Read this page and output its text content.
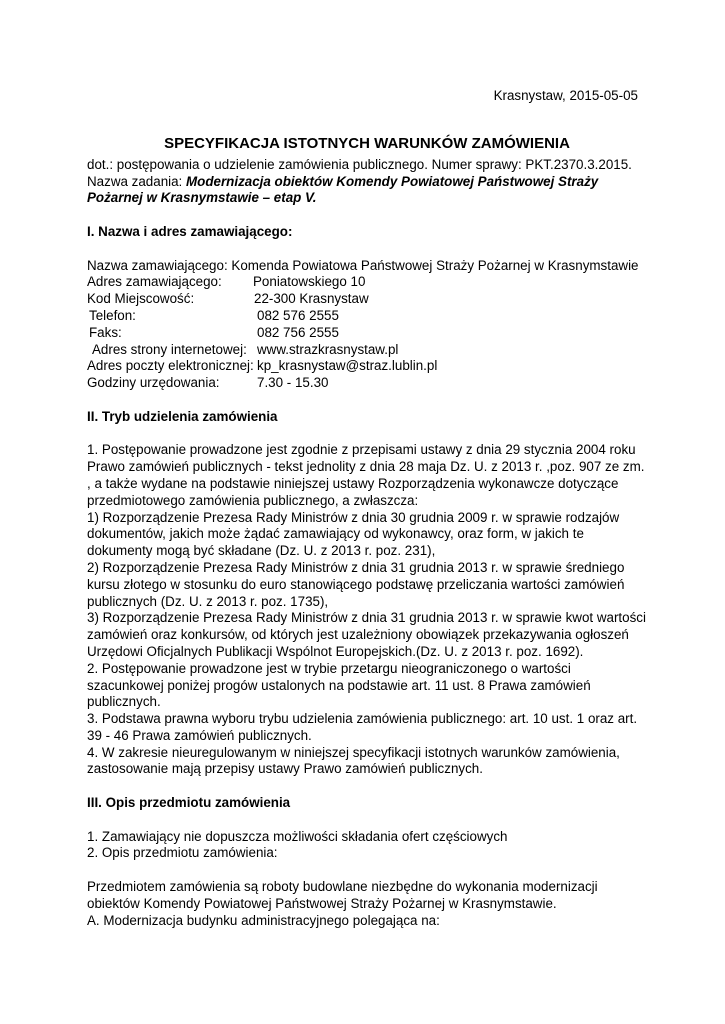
Krasnystaw, 2015-05-05

SPECYFIKACJA ISTOTNYCH WARUNKÓW ZAMÓWIENIA

dot.: postępowania o udzielenie zamówienia publicznego. Numer sprawy: PKT.2370.3.2015. Nazwa zadania: Modernizacja obiektów Komendy Powiatowej Państwowej Straży Pożarnej w Krasnymstawie – etap V.

I. Nazwa i adres zamawiającego:

Nazwa zamawiającego: Komenda Powiatowa Państwowej Straży Pożarnej w Krasnymstawie

Adres zamawiającego:	Poniatowskiego 10
Kod Miejscowość:	22-300 Krasnystaw
Telefon:	082 576 2555
Faks:	082 756 2555
Adres strony internetowej: www.strazkrasnystaw.pl
Adres poczty elektronicznej: kp_krasnystaw@straz.lublin.pl
Godziny urzędowania:	7.30 - 15.30

II. Tryb udzielenia zamówienia

1. Postępowanie prowadzone jest zgodnie z przepisami ustawy z dnia 29 stycznia 2004 roku Prawo zamówień publicznych - tekst jednolity z dnia 28 maja Dz. U. z 2013 r. ,poz. 907 ze zm. , a także wydane na podstawie niniejszej ustawy Rozporządzenia wykonawcze dotyczące przedmiotowego zamówienia publicznego, a zwłaszcza:

1) Rozporządzenie Prezesa Rady Ministrów z dnia 30 grudnia 2009 r. w sprawie rodzajów dokumentów, jakich może żądać zamawiający od wykonawcy, oraz form, w jakich te dokumenty mogą być składane (Dz. U. z 2013 r. poz. 231),

2) Rozporządzenie Prezesa Rady Ministrów z dnia 31 grudnia 2013 r. w sprawie średniego kursu złotego w stosunku do euro stanowiącego podstawę przeliczania wartości zamówień publicznych (Dz. U. z 2013 r. poz. 1735),

3) Rozporządzenie Prezesa Rady Ministrów z dnia 31 grudnia 2013 r. w sprawie kwot wartości zamówień oraz konkursów, od których jest uzależniony obowiązek przekazywania ogłoszeń Urzędowi Oficjalnych Publikacji Wspólnot Europejskich.(Dz. U. z 2013 r. poz. 1692).

2. Postępowanie prowadzone jest w trybie przetargu nieograniczonego o wartości szacunkowej poniżej progów ustalonych na podstawie art. 11 ust. 8 Prawa zamówień publicznych.

3. Podstawa prawna wyboru trybu udzielenia zamówienia publicznego: art. 10 ust. 1 oraz art. 39 - 46 Prawa zamówień publicznych.

4. W zakresie nieuregulowanym w niniejszej specyfikacji istotnych warunków zamówienia, zastosowanie mają przepisy ustawy Prawo zamówień publicznych.

III. Opis przedmiotu zamówienia

1. Zamawiający nie dopuszcza możliwości składania ofert częściowych

2. Opis przedmiotu zamówienia:

Przedmiotem zamówienia są roboty budowlane niezbędne do wykonania modernizacji obiektów Komendy Powiatowej Państwowej Straży Pożarnej w Krasnymstawie.

A. Modernizacja budynku administracyjnego polegająca na:
